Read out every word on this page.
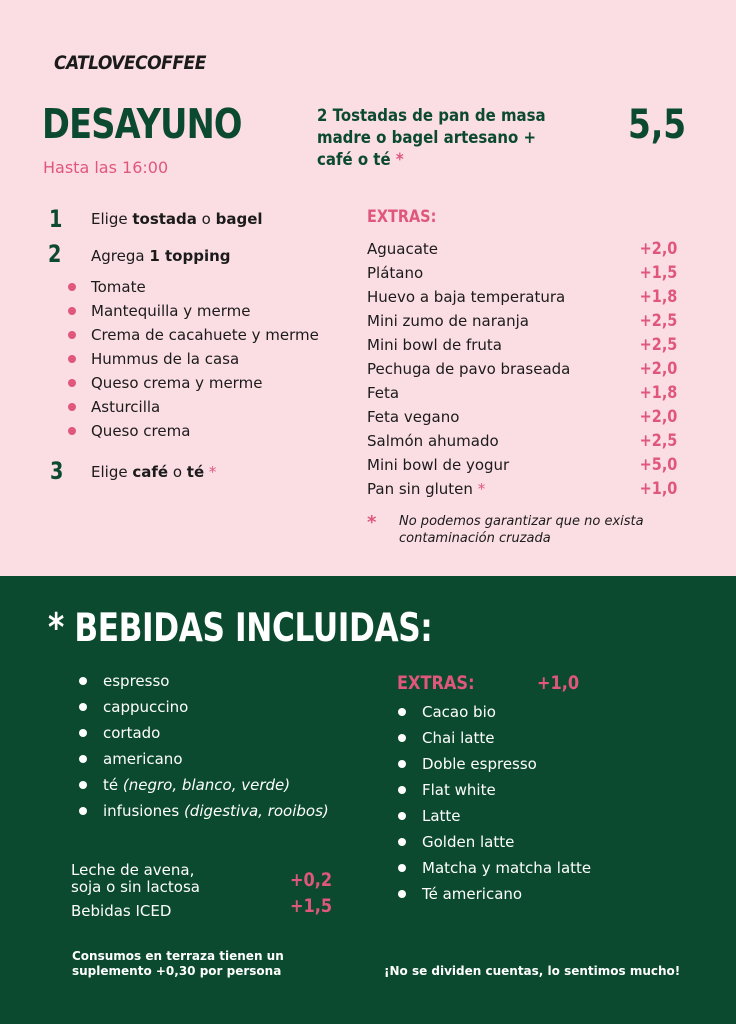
CATLOVECOFFEE
DESAYUNO
Hasta las 16:00
2 Tostadas de pan de masa madre o bagel artesano + café o té *
5,5
1 Elige tostada o bagel
2 Agrega 1 topping
Tomate
Mantequilla y merme
Crema de cacahuete y merme
Hummus de la casa
Queso crema y merme
Asturcilla
Queso crema
3 Elige café o té *
EXTRAS:
Aguacate	+2,0
Plátano	+1,5
Huevo a baja temperatura	+1,8
Mini zumo de naranja	+2,5
Mini bowl de fruta	+2,5
Pechuga de pavo braseada	+2,0
Feta	+1,8
Feta vegano	+2,0
Salmón ahumado	+2,5
Mini bowl de yogur	+5,0
Pan sin gluten *	+1,0
* No podemos garantizar que no exista contaminación cruzada
* BEBIDAS INCLUIDAS:
espresso
cappuccino
cortado
americano
té (negro, blanco, verde)
infusiones (digestiva, rooibos)
EXTRAS:	+1,0
Cacao bio
Chai latte
Doble espresso
Flat white
Latte
Golden latte
Matcha y matcha latte
Té americano
Leche de avena,
soja o sin lactosa	+0,2
Bebidas ICED	+1,5
Consumos en terraza tienen un
suplemento +0,30 por persona	¡No se dividen cuentas, lo sentimos mucho!
